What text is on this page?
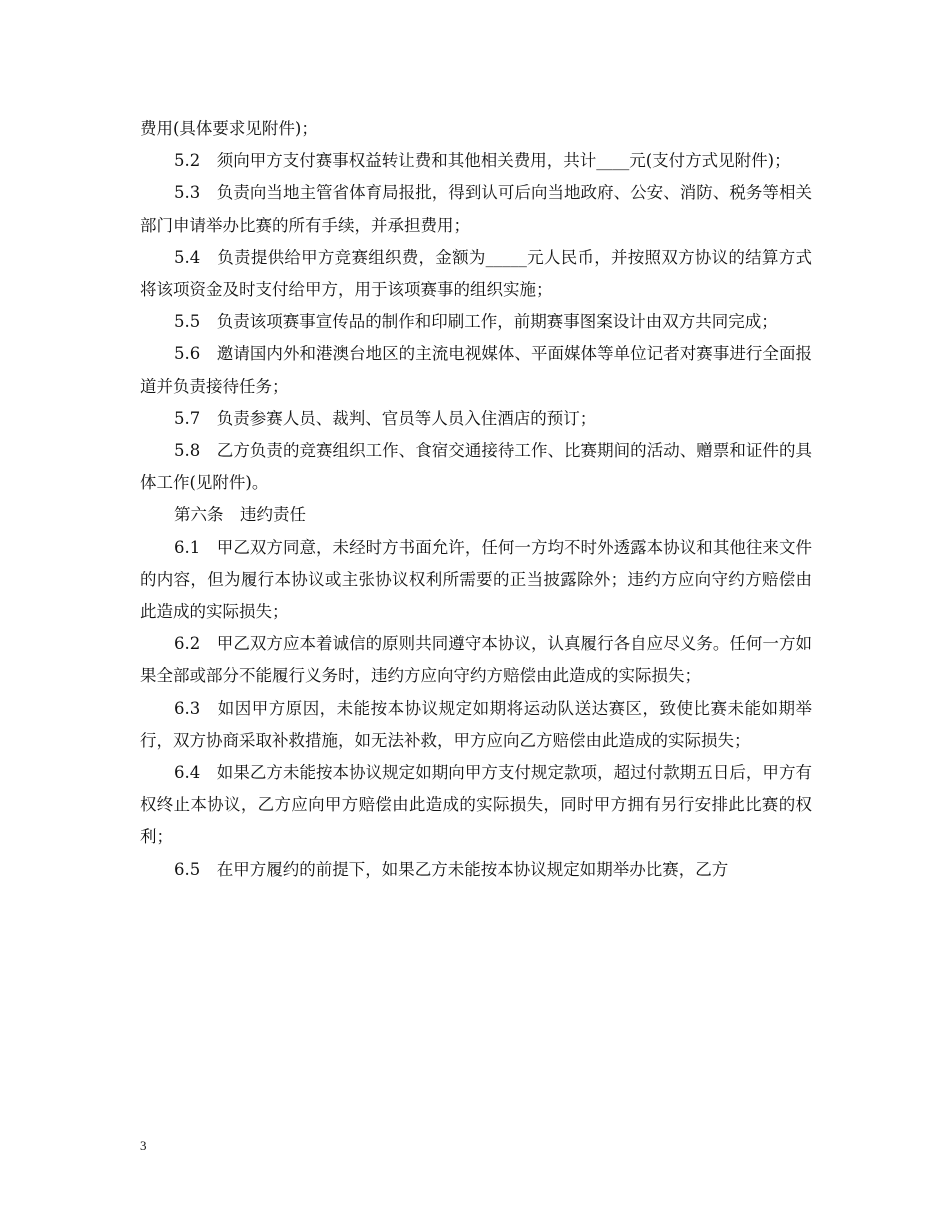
费用(具体要求见附件)；

5.2　须向甲方支付赛事权益转让费和其他相关费用，共计____元(支付方式见附件)；

5.3　负责向当地主管省体育局报批，得到认可后向当地政府、公安、消防、税务等相关部门申请举办比赛的所有手续，并承担费用；

5.4　负责提供给甲方竞赛组织费，金额为_____元人民币，并按照双方协议的结算方式将该项资金及时支付给甲方，用于该项赛事的组织实施；

5.5　负责该项赛事宣传品的制作和印刷工作，前期赛事图案设计由双方共同完成；

5.6　邀请国内外和港澳台地区的主流电视媒体、平面媒体等单位记者对赛事进行全面报道并负责接待任务；

5.7　负责参赛人员、裁判、官员等人员入住酒店的预订；

5.8　乙方负责的竞赛组织工作、食宿交通接待工作、比赛期间的活动、赠票和证件的具体工作(见附件)。

第六条　违约责任

6.1　甲乙双方同意，未经时方书面允许，任何一方均不时外透露本协议和其他往来文件的内容，但为履行本协议或主张协议权利所需要的正当披露除外；违约方应向守约方赔偿由此造成的实际损失；

6.2　甲乙双方应本着诚信的原则共同遵守本协议，认真履行各自应尽义务。任何一方如果全部或部分不能履行义务时，违约方应向守约方赔偿由此造成的实际损失；

6.3　如因甲方原因，未能按本协议规定如期将运动队送达赛区，致使比赛未能如期举行，双方协商采取补救措施，如无法补救，甲方应向乙方赔偿由此造成的实际损失；

6.4　如果乙方未能按本协议规定如期向甲方支付规定款项，超过付款期五日后，甲方有权终止本协议，乙方应向甲方赔偿由此造成的实际损失，同时甲方拥有另行安排此比赛的权利；

6.5　在甲方履约的前提下，如果乙方未能按本协议规定如期举办比赛，乙方

3
